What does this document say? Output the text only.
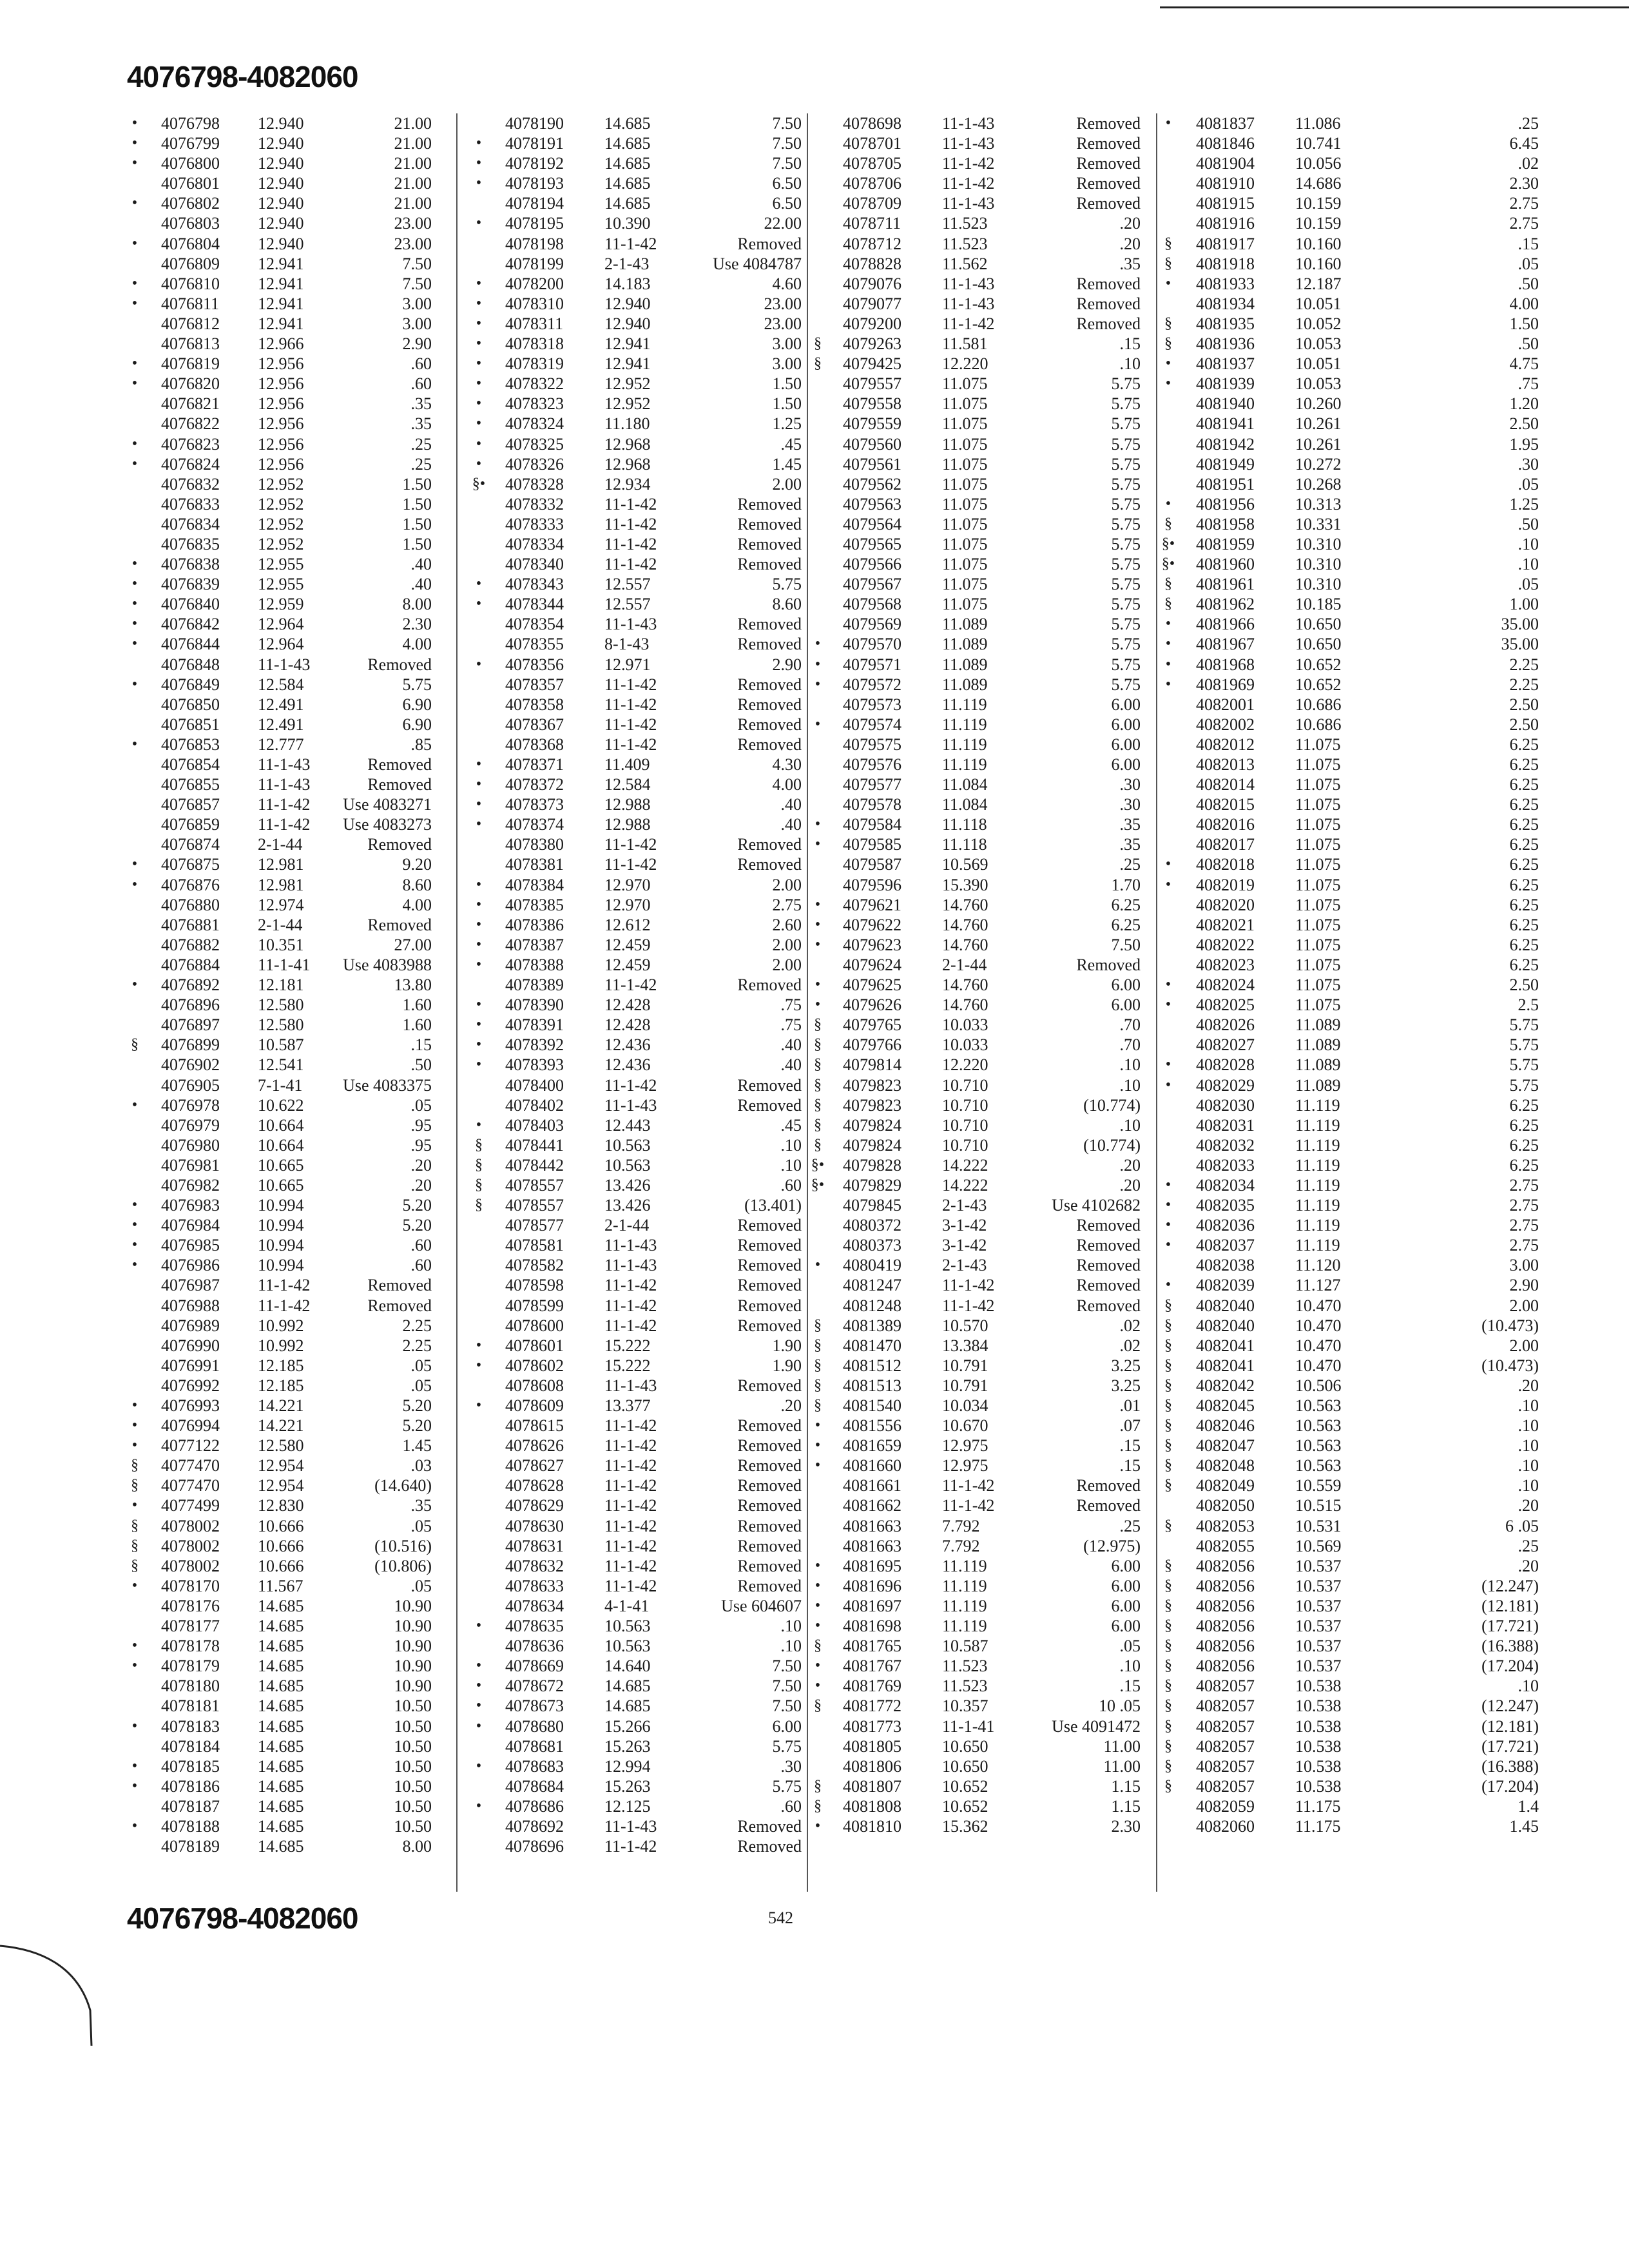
4076798-4082060
•	4076798 12.940	21.00
•	4076799 12.940	21.00
•	4076800 12.940	21.00
4076801 12.940	21.00
•	4076802 12.940	21.00
4076803 12.940	23.00
•	4076804 12.940	23.00
4076809 12.941	7.50
•	4076810 12.941	7.50
•	4076811 12.941	3.00
4076812 12.941	3.00
4076813 12.966	2.90
•	4076819 12.956	.60
•	4076820 12.956	.60
4076821 12.956	.35
4076822 12.956	.35
•	4076823 12.956	.25
•	4076824 12.956	.25
4076832 12.952	1.50
4076833 12.952	1.50
4076834 12.952	1.50
4076835 12.952	1.50
•	4076838 12.955	.40
•	4076839 12.955	.40
•	4076840 12.959	8.00
•	4076842 12.964	2.30
•	4076844 12.964	4.00
4076848 11-1-43	Removed
•	4076849 12.584	5.75
4076850 12.491	6.90
4076851 12.491	6.90
•	4076853 12.777	.85
4076854 11-1-43	Removed
4076855 11-1-43	Removed
4076857 11-1-42 Use 4083271
4076859 11-1-42 Use 4083273
4076874 2-1-44	Removed
•	4076875 12.981	9.20
•	4076876 12.981	8.60
4076880 12.974	4.00
4076881 2-1-44	Removed
4076882 10.351	27.00
4076884 11-1-41 Use 4083988
•	4076892 12.181	13.80
4076896 12.580	1.60
4076897 12.580	1.60
§ 4076899 10.587	.15
4076902 12.541	.50
4076905 7-1-41 Use 4083375
•	4076978 10.622	.05
4076979 10.664	.95
4076980 10.664	.95
4076981 10.665	.20
4076982 10.665	.20
•	4076983 10.994	5.20
•	4076984 10.994	5.20
•	4076985 10.994	.60
•	4076986 10.994	.60
4076987 11-1-42	Removed
4076988 11-1-42	Removed
4076989 10.992	2.25
4076990 10.992	2.25
4076991 12.185	.05
4076992 12.185	.05
•	4076993 14.221	5.20
•	4076994 14.221	5.20
•	4077122 12.580	1.45
§ 4077470 12.954	.03
§ 4077470 12.954	(14.640)
•	4077499 12.830	.35
§ 4078002 10.666	.05
§ 4078002 10.666	(10.516)
§ 4078002 10.666	(10.806)
•	4078170 11.567	.05
4078176 14.685	10.90
4078177 14.685	10.90
•	4078178 14.685	10.90
•	4078179 14.685	10.90
4078180 14.685	10.90
4078181 14.685	10.50
•	4078183 14.685	10.50
4078184 14.685	10.50
•	4078185 14.685	10.50
•	4078186 14.685	10.50
4078187 14.685	10.50
•	4078188 14.685	10.50
4078189 14.685	8.00
4078190 14.685	7.50
•	4078191 14.685	7.50
•	4078192 14.685	7.50
•	4078193 14.685	6.50
4078194 14.685	6.50
•	4078195 10.390	22.00
4078198 11-1-42	Removed
4078199 2-1-43	Use 4084787
•	4078200 14.183	4.60
•	4078310 12.940	23.00
•	4078311 12.940	23.00
•	4078318 12.941	3.00
•	4078319 12.941	3.00
•	4078322 12.952	1.50
•	4078323 12.952	1.50
•	4078324 11.180	1.25
•	4078325 12.968	.45
•	4078326 12.968	1.45
§• 4078328 12.934	2.00
4078332 11-1-42	Removed
4078333 11-1-42	Removed
4078334 11-1-42	Removed
4078340 11-1-42	Removed
•	4078343 12.557	5.75
•	4078344 12.557	8.60
4078354 11-1-43	Removed
4078355 8-1-43	Removed
•	4078356 12.971	2.90
4078357 11-1-42	Removed
4078358 11-1-42	Removed
4078367 11-1-42	Removed
4078368 11-1-42	Removed
•	4078371 11.409	4.30
•	4078372 12.584	4.00
•	4078373 12.988	.40
•	4078374 12.988	.40
4078380 11-1-42	Removed
4078381 11-1-42	Removed
•	4078384 12.970	2.00
•	4078385 12.970	2.75
•	4078386 12.612	2.60
•	4078387 12.459	2.00
•	4078388 12.459	2.00
4078389 11-1-42	Removed
•	4078390 12.428	.75
•	4078391 12.428	.75
•	4078392 12.436	.40
•	4078393 12.436	.40
4078400 11-1-42	Removed
4078402 11-1-43	Removed
•	4078403 12.443	.45
§ 4078441 10.563	.10
§ 4078442 10.563	.10
§ 4078557 13.426	.60
§ 4078557 13.426	(13.401)
4078577 2-1-44	Removed
4078581 11-1-43	Removed
4078582 11-1-43	Removed
4078598 11-1-42	Removed
4078599 11-1-42	Removed
4078600 11-1-42	Removed
•	4078601 15.222	1.90
•	4078602 15.222	1.90
4078608 11-1-43	Removed
•	4078609 13.377	.20
4078615 11-1-42	Removed
4078626 11-1-42	Removed
4078627 11-1-42	Removed
4078628 11-1-42	Removed
4078629 11-1-42	Removed
4078630 11-1-42	Removed
4078631 11-1-42	Removed
4078632 11-1-42	Removed
4078633 11-1-42	Removed
4078634 4-1-41	Use 604607
•	4078635 10.563	.10
4078636 10.563	.10
•	4078669 14.640	7.50
•	4078672 14.685	7.50
•	4078673 14.685	7.50
•	4078680 15.266	6.00
4078681 15.263	5.75
•	4078683 12.994	.30
4078684 15.263	5.75
•	4078686 12.125	.60
4078692 11-1-43	Removed
4078696 11-1-42	Removed
4078698 11-1-43	Removed
4078701 11-1-43	Removed
4078705 11-1-42	Removed
4078706 11-1-42	Removed
4078709 11-1-43	Removed
4078711 11.523	.20
4078712 11.523	.20
4078828 11.562	.35
4079076 11-1-43	Removed
4079077 11-1-43	Removed
4079200 11-1-42	Removed
§ 4079263 11.581	.15
§ 4079425 12.220	.10
4079557 11.075	5.75
4079558 11.075	5.75
4079559 11.075	5.75
4079560 11.075	5.75
4079561 11.075	5.75
4079562 11.075	5.75
4079563 11.075	5.75
4079564 11.075	5.75
4079565 11.075	5.75
4079566 11.075	5.75
4079567 11.075	5.75
4079568 11.075	5.75
4079569 11.089	5.75
•	4079570 11.089	5.75
•	4079571 11.089	5.75
•	4079572 11.089	5.75
4079573 11.119	6.00
•	4079574 11.119	6.00
4079575 11.119	6.00
4079576 11.119	6.00
4079577 11.084	.30
4079578 11.084	.30
•	4079584 11.118	.35
•	4079585 11.118	.35
4079587 10.569	.25
4079596 15.390	1.70
•	4079621 14.760	6.25
•	4079622 14.760	6.25
•	4079623 14.760	7.50
4079624 2-1-44	Removed
•	4079625 14.760	6.00
•	4079626 14.760	6.00
§ 4079765 10.033	.70
§ 4079766 10.033	.70
§ 4079814 12.220	.10
§ 4079823 10.710	.10
§ 4079823 10.710	(10.774)
§ 4079824 10.710	.10
§ 4079824 10.710	(10.774)
§• 4079828 14.222	.20
§• 4079829 14.222	.20
4079845 2-1-43	Use 4102682
4080372 3-1-42	Removed
4080373 3-1-42	Removed
•	4080419 2-1-43	Removed
4081247 11-1-42	Removed
4081248 11-1-42	Removed
§ 4081389 10.570	.02
§ 4081470 13.384	.02
§ 4081512 10.791	3.25
§ 4081513 10.791	3.25
§ 4081540 10.034	.01
•	4081556 10.670	.07
•	4081659 12.975	.15
•	4081660 12.975	.15
4081661 11-1-42	Removed
4081662 11-1-42	Removed
4081663 7.792	.25
4081663 7.792	(12.975)
•	4081695 11.119	6.00
•	4081696 11.119	6.00
•	4081697 11.119	6.00
•	4081698 11.119	6.00
§ 4081765 10.587	.05
•	4081767 11.523	.10
•	4081769 11.523	.15
§ 4081772 10.357	10 .05
4081773 11-1-41	Use 4091472
4081805 10.650	11.00
4081806 10.650	11.00
§ 4081807 10.652	1.15
§ 4081808 10.652	1.15
•	4081810 15.362	2.30
•	4081837 11.086	.25
4081846 10.741	6.45
4081904 10.056	.02
4081910 14.686	2.30
4081915 10.159	2.75
4081916 10.159	2.75
§ 4081917 10.160	.15
§ 4081918 10.160	.05
•	4081933 12.187	.50
4081934 10.051	4.00
§ 4081935 10.052	1.50
§ 4081936 10.053	.50
•	4081937 10.051	4.75
•	4081939 10.053	.75
4081940 10.260	1.20
4081941 10.261	2.50
4081942 10.261	1.95
4081949 10.272	.30
4081951 10.268	.05
•	4081956 10.313	1.25
§ 4081958 10.331	.50
§• 4081959 10.310	.10
§• 4081960 10.310	.10
§ 4081961 10.310	.05
§ 4081962 10.185	1.00
•	4081966 10.650	35.00
•	4081967 10.650	35.00
•	4081968 10.652	2.25
•	4081969 10.652	2.25
4082001 10.686	2.50
4082002 10.686	2.50
4082012 11.075	6.25
4082013 11.075	6.25
4082014 11.075	6.25
4082015 11.075	6.25
4082016 11.075	6.25
4082017 11.075	6.25
•	4082018 11.075	6.25
•	4082019 11.075	6.25
4082020 11.075	6.25
4082021 11.075	6.25
4082022 11.075	6.25
4082023 11.075	6.25
•	4082024 11.075	2.50
•	4082025 11.075	2.5
4082026 11.089	5.75
4082027 11.089	5.75
•	4082028 11.089	5.75
•	4082029 11.089	5.75
4082030 11.119	6.25
4082031 11.119	6.25
4082032 11.119	6.25
4082033 11.119	6.25
•	4082034 11.119	2.75
•	4082035 11.119	2.75
•	4082036 11.119	2.75
•	4082037 11.119	2.75
4082038 11.120	3.00
•	4082039 11.127	2.90
§ 4082040 10.470	2.00
§ 4082040 10.470	(10.473)
§ 4082041 10.470	2.00
§ 4082041 10.470	(10.473)
§ 4082042 10.506	.20
§ 4082045 10.563	.10
§ 4082046 10.563	.10
§ 4082047 10.563	.10
§ 4082048 10.563	.10
§ 4082049 10.559	.10
4082050 10.515	.20
§ 4082053 10.531	6 .05
4082055 10.569	.25
§ 4082056 10.537	.20
§ 4082056 10.537	(12.247)
§ 4082056 10.537	(12.181)
§ 4082056 10.537	(17.721)
§ 4082056 10.537	(16.388)
§ 4082056 10.537	(17.204)
§ 4082057 10.538	.10
§ 4082057 10.538	(12.247)
§ 4082057 10.538	(12.181)
§ 4082057 10.538	(17.721)
§ 4082057 10.538	(16.388)
§ 4082057 10.538	(17.204)
4082059 11.175	1.4
4082060 11.175	1.45
4076798-4082060	542
